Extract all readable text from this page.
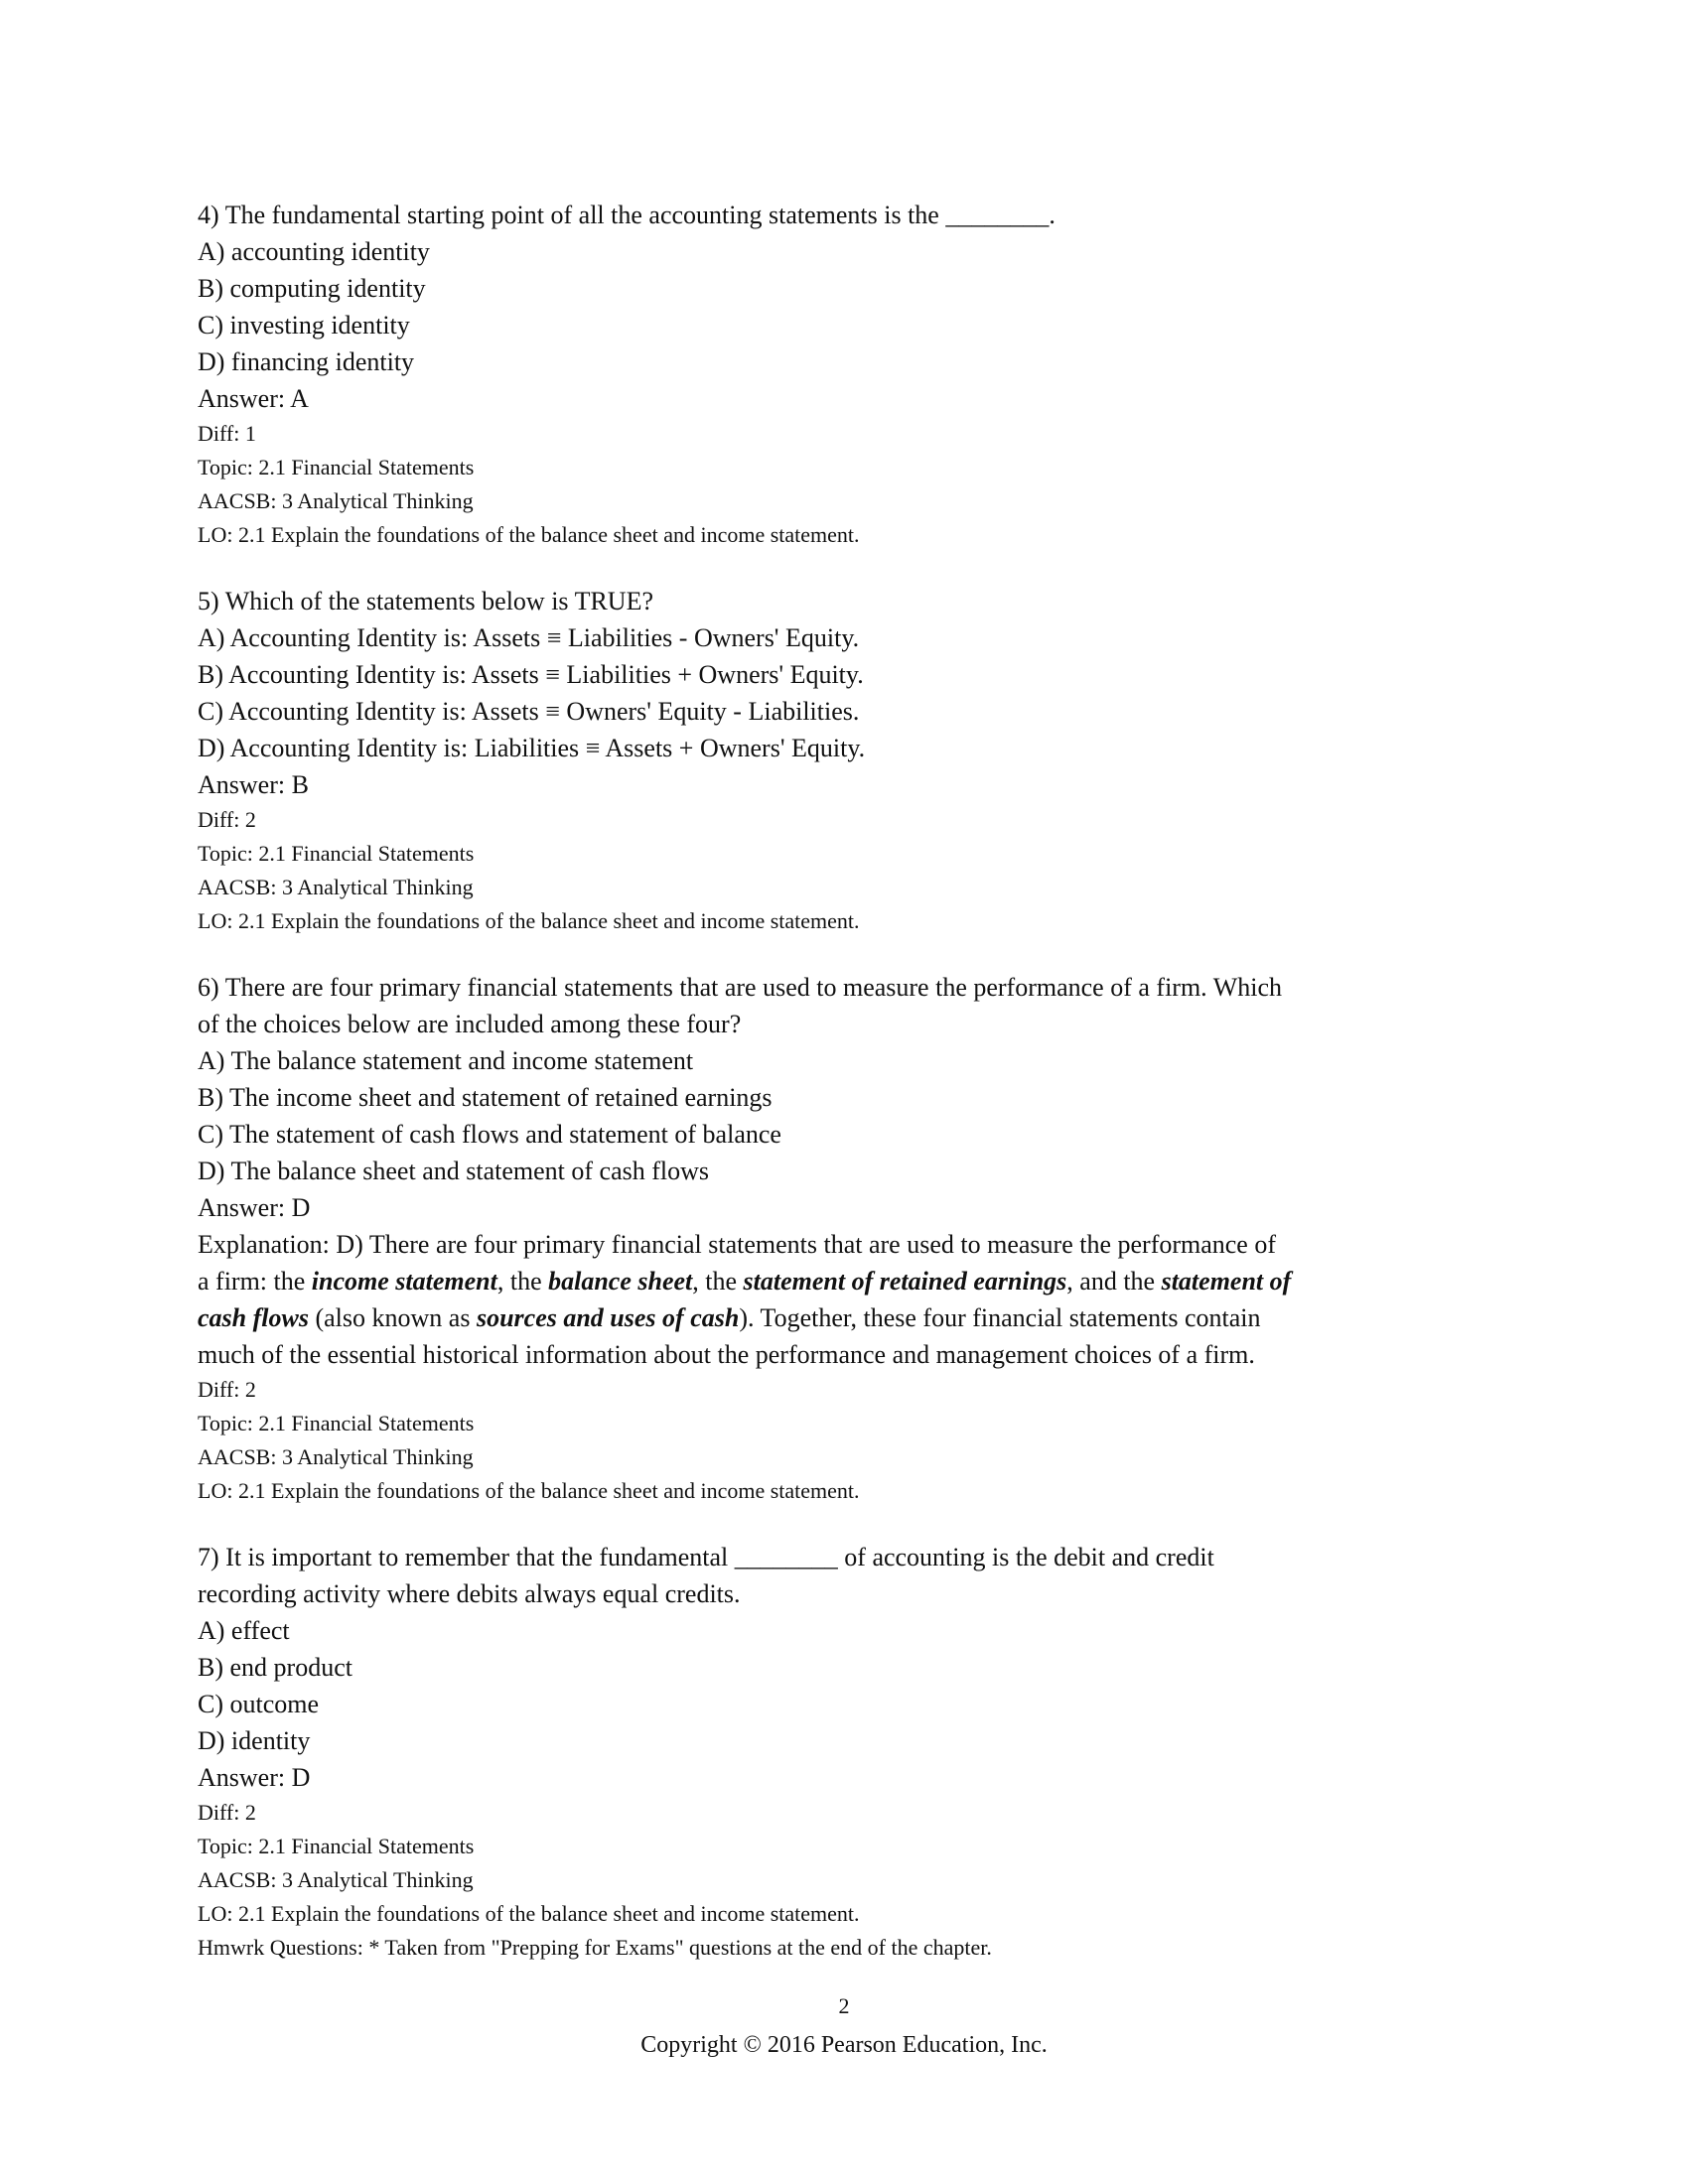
4) The fundamental starting point of all the accounting statements is the ________.
A) accounting identity
B) computing identity
C) investing identity
D) financing identity
Answer: A
Diff: 1
Topic: 2.1 Financial Statements
AACSB: 3 Analytical Thinking
LO: 2.1 Explain the foundations of the balance sheet and income statement.
5) Which of the statements below is TRUE?
A) Accounting Identity is: Assets ≡ Liabilities - Owners' Equity.
B) Accounting Identity is: Assets ≡ Liabilities + Owners' Equity.
C) Accounting Identity is: Assets ≡ Owners' Equity - Liabilities.
D) Accounting Identity is: Liabilities ≡ Assets + Owners' Equity.
Answer: B
Diff: 2
Topic: 2.1 Financial Statements
AACSB: 3 Analytical Thinking
LO: 2.1 Explain the foundations of the balance sheet and income statement.
6) There are four primary financial statements that are used to measure the performance of a firm. Which
of the choices below are included among these four?
A) The balance statement and income statement
B) The income sheet and statement of retained earnings
C) The statement of cash flows and statement of balance
D) The balance sheet and statement of cash flows
Answer: D
Explanation: D) There are four primary financial statements that are used to measure the performance of
a firm: the income statement, the balance sheet, the statement of retained earnings, and the statement of
cash flows (also known as sources and uses of cash). Together, these four financial statements contain
much of the essential historical information about the performance and management choices of a firm.
Diff: 2
Topic: 2.1 Financial Statements
AACSB: 3 Analytical Thinking
LO: 2.1 Explain the foundations of the balance sheet and income statement.
7) It is important to remember that the fundamental ________ of accounting is the debit and credit
recording activity where debits always equal credits.
A) effect
B) end product
C) outcome
D) identity
Answer: D
Diff: 2
Topic: 2.1 Financial Statements
AACSB: 3 Analytical Thinking
LO: 2.1 Explain the foundations of the balance sheet and income statement.
Hmwrk Questions: * Taken from "Prepping for Exams" questions at the end of the chapter.
2
Copyright © 2016 Pearson Education, Inc.
